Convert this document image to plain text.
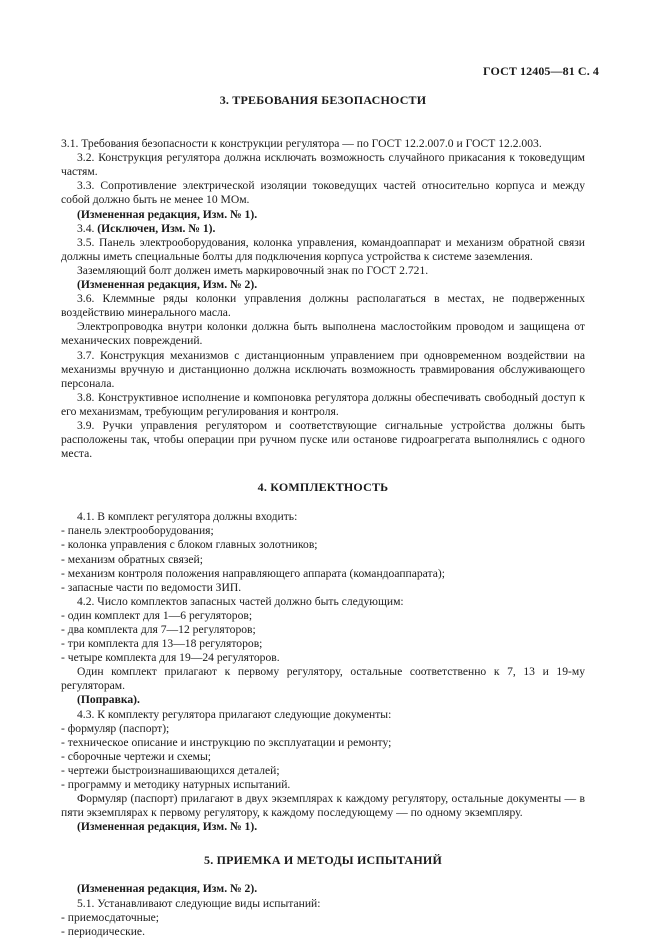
ГОСТ 12405—81 С. 4
3. ТРЕБОВАНИЯ БЕЗОПАСНОСТИ

3.1. Требования безопасности к конструкции регулятора — по ГОСТ 12.2.007.0 и ГОСТ 12.2.003.

3.2. Конструкция регулятора должна исключать возможность случайного прикасания к токоведущим частям.

3.3. Сопротивление электрической изоляции токоведущих частей относительно корпуса и между собой должно быть не менее 10 МОм.

(Измененная редакция, Изм. № 1).

3.4. (Исключен, Изм. № 1).

3.5. Панель электрооборудования, колонка управления, командоаппарат и механизм обратной связи должны иметь специальные болты для подключения корпуса устройства к системе заземления.

Заземляющий болт должен иметь маркировочный знак по ГОСТ 2.721.

(Измененная редакция, Изм. № 2).

3.6. Клеммные ряды колонки управления должны располагаться в местах, не подверженных воздействию минерального масла.

Электропроводка внутри колонки должна быть выполнена маслостойким проводом и защищена от механических повреждений.

3.7. Конструкция механизмов с дистанционным управлением при одновременном воздействии на механизмы вручную и дистанционно должна исключать возможность травмирования обслуживающего персонала.

3.8. Конструктивное исполнение и компоновка регулятора должны обеспечивать свободный доступ к его механизмам, требующим регулирования и контроля.

3.9. Ручки управления регулятором и соответствующие сигнальные устройства должны быть расположены так, чтобы операции при ручном пуске или останове гидроагрегата выполнялись с одного места.

4. КОМПЛЕКТНОСТЬ

4.1. В комплект регулятора должны входить:

- панель электрооборудования;

- колонка управления с блоком главных золотников;

- механизм обратных связей;

- механизм контроля положения направляющего аппарата (командоаппарата);

- запасные части по ведомости ЗИП.

4.2. Число комплектов запасных частей должно быть следующим:

- один комплект для 1—6 регуляторов;

- два комплекта для 7—12 регуляторов;

- три комплекта для 13—18 регуляторов;

- четыре комплекта для 19—24 регуляторов.

Один комплект прилагают к первому регулятору, остальные соответственно к 7, 13 и 19-му регуляторам.

(Поправка).

4.3. К комплекту регулятора прилагают следующие документы:

- формуляр (паспорт);

- техническое описание и инструкцию по эксплуатации и ремонту;

- сборочные чертежи и схемы;

- чертежи быстроизнашивающихся деталей;

- программу и методику натурных испытаний.

Формуляр (паспорт) прилагают в двух экземплярах к каждому регулятору, остальные документы — в пяти экземплярах к первому регулятору, к каждому последующему — по одному экземпляру.

(Измененная редакция, Изм. № 1).

5. ПРИЕМКА И МЕТОДЫ ИСПЫТАНИЙ

(Измененная редакция, Изм. № 2).

5.1. Устанавливают следующие виды испытаний:

- приемосдаточные;

- периодические.
